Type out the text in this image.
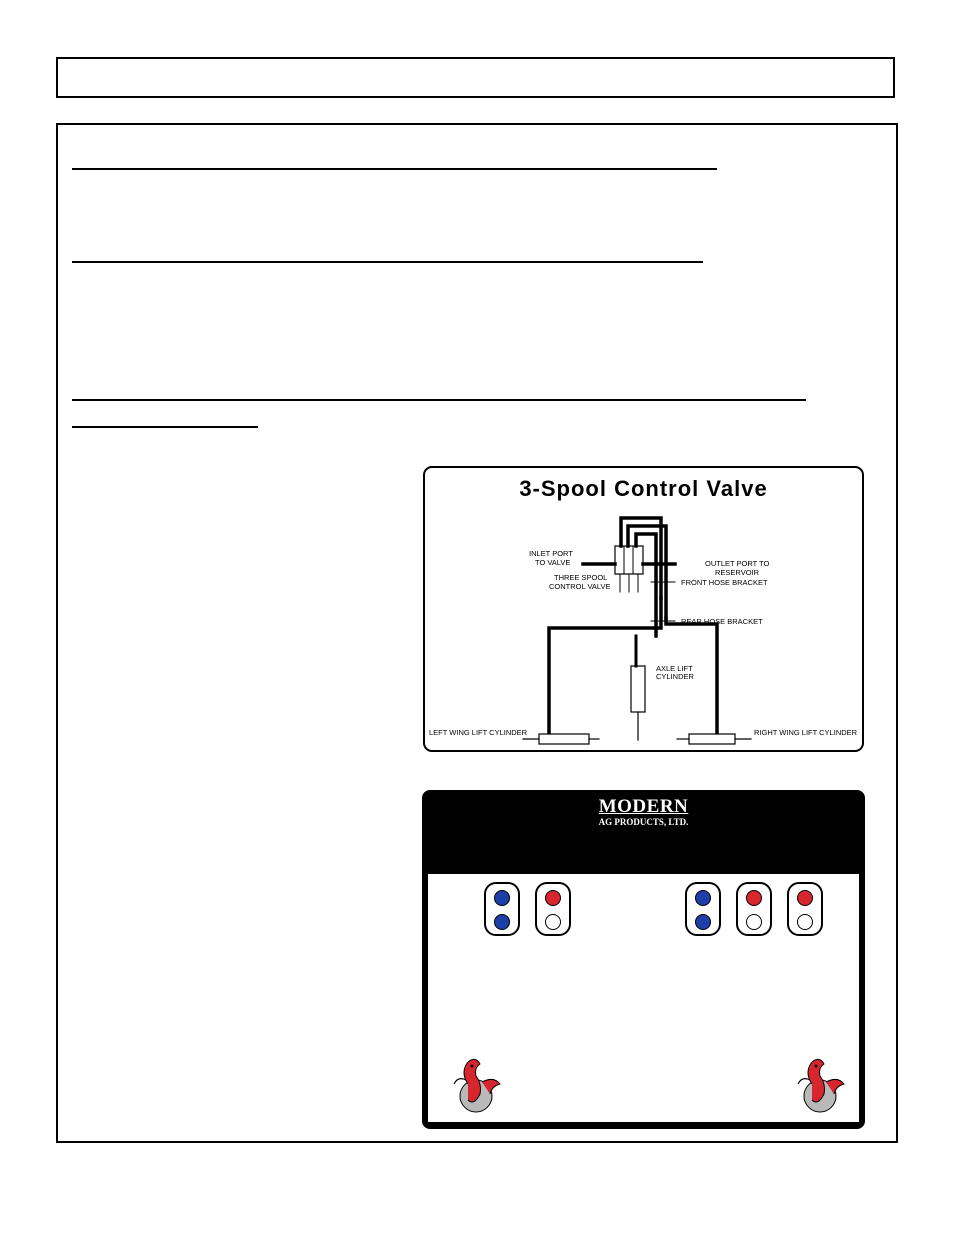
3-Spool Control Valve
INLET PORT
TO VALVE
THREE SPOOL
CONTROL VALVE
OUTLET PORT TO
RESERVOIR
FRONT HOSE BRACKET
REAR HOSE BRACKET
AXLE LIFT
CYLINDER
LEFT WING LIFT CYLINDER	RIGHT WING LIFT CYLINDER
MODERN
AG PRODUCTS, LTD.
